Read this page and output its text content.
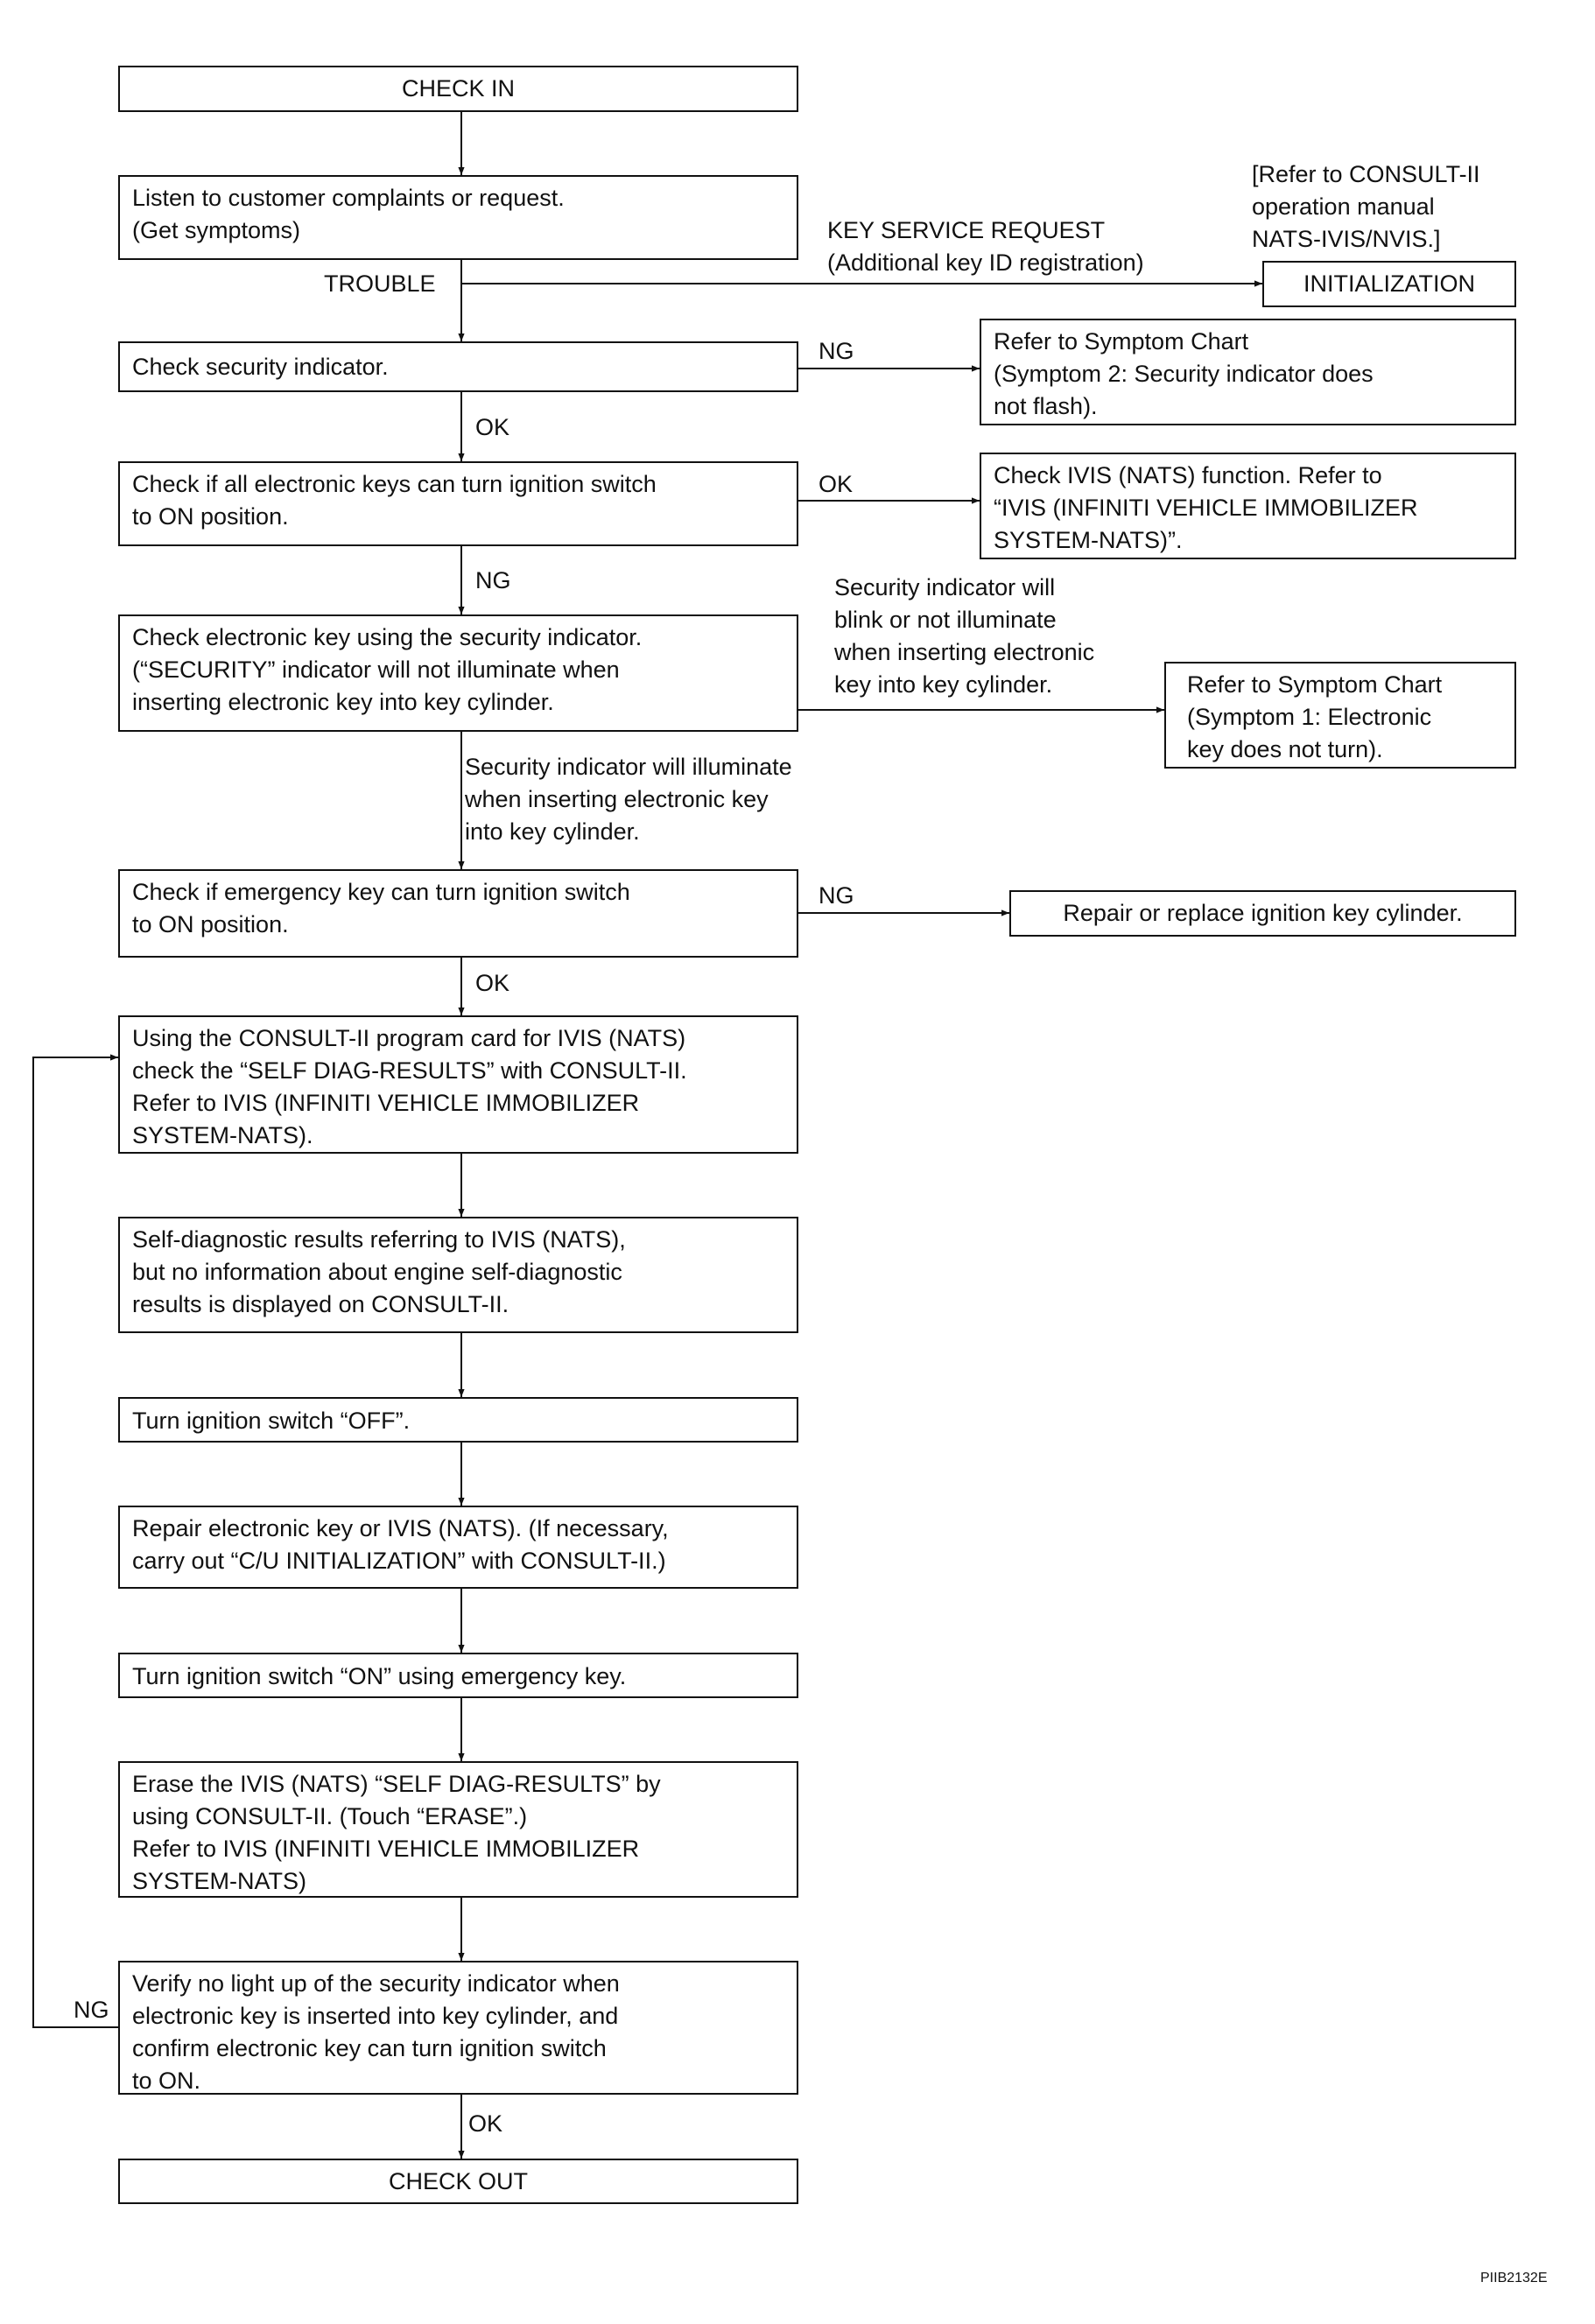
CHECK IN
Listen to customer complaints or request.
(Get symptoms)
INITIALIZATION
Check security indicator.
Refer to Symptom Chart
(Symptom 2: Security indicator does
not flash).
Check if all electronic keys can turn ignition switch
to ON position.
Check IVIS (NATS) function. Refer to
“IVIS (INFINITI VEHICLE IMMOBILIZER
SYSTEM-NATS)”.
Check electronic key using the security indicator.
(“SECURITY” indicator will not illuminate when
inserting electronic key into key cylinder.
Refer to Symptom Chart
(Symptom 1: Electronic
key does not turn).
Check if emergency key can turn ignition switch
to ON position.	Repair or replace ignition key cylinder.
Using the CONSULT-II program card for IVIS (NATS)
check the “SELF DIAG-RESULTS” with CONSULT-II.
Refer to IVIS (INFINITI VEHICLE IMMOBILIZER
SYSTEM-NATS).
Self-diagnostic results referring to IVIS (NATS),
but no information about engine self-diagnostic
results is displayed on CONSULT-II.
Turn ignition switch “OFF”.
Repair electronic key or IVIS (NATS). (If necessary,
carry out “C/U INITIALIZATION” with CONSULT-II.)
Turn ignition switch “ON” using emergency key.
Erase the IVIS (NATS) “SELF DIAG-RESULTS” by
using CONSULT-II. (Touch “ERASE”.)
Refer to IVIS (INFINITI VEHICLE IMMOBILIZER
SYSTEM-NATS)
Verify no light up of the security indicator when
electronic key is inserted into key cylinder, and
confirm electronic key can turn ignition switch
to ON.
CHECK OUT
[Refer to CONSULT-II
operation manual
NATS-IVIS/NVIS.]
KEY SERVICE REQUEST
(Additional key ID registration)
TROUBLE
NG
OK
OK
NG	Security indicator will
blink or not illuminate
when inserting electronic
key into key cylinder.
Security indicator will illuminate
when inserting electronic key
into key cylinder.
NG
OK
NG
OK
PIIB2132E
